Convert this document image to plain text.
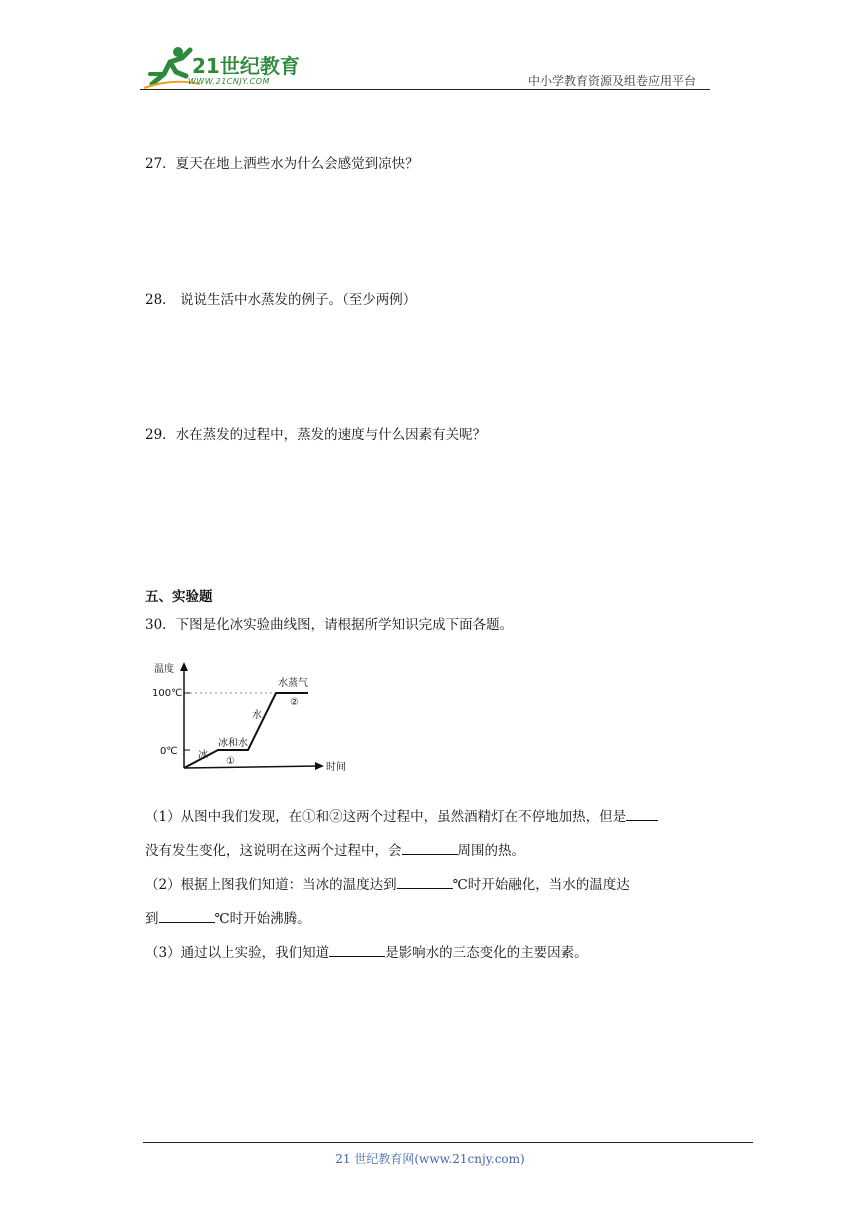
21世纪教育
WWW.21CNJY.COM	中小学教育资源及组卷应用平台
27．夏天在地上洒些水为什么会感觉到凉快？
28． 说说生活中水蒸发的例子。（至少两例）
29．水在蒸发的过程中，蒸发的速度与什么因素有关呢？
五、实验题
30．下图是化冰实验曲线图，请根据所学知识完成下面各题。
温度
100℃
0℃
时间
冰
冰和水
①
水
水蒸气
②
（1）从图中我们发现，在①和②这两个过程中，虽然酒精灯在不停地加热，但是
没有发生变化，这说明在这两个过程中，会	周围的热。
（2）根据上图我们知道：当冰的温度达到	℃时开始融化，当水的温度达
到	℃时开始沸腾。
（3）通过以上实验，我们知道	是影响水的三态变化的主要因素。
21 世纪教育网(www.21cnjy.com)
